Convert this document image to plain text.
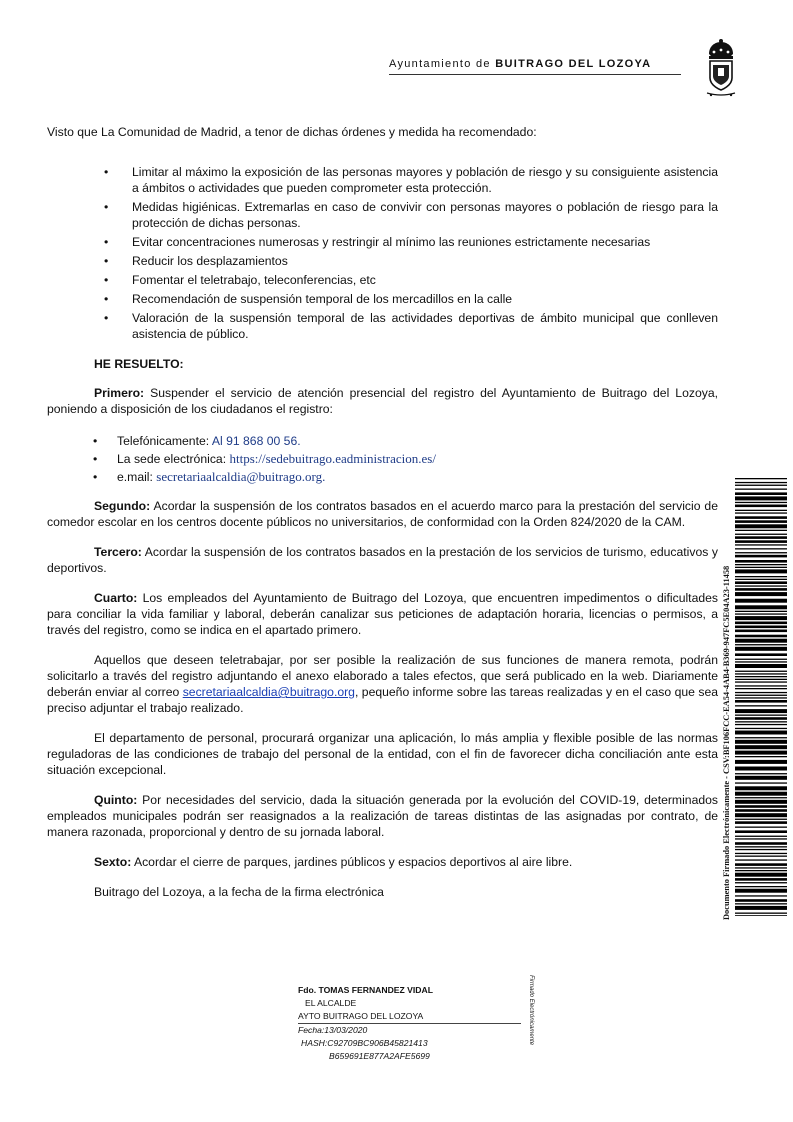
Ayuntamiento de BUITRAGO DEL LOZOYA

Visto que La Comunidad de Madrid, a tenor de dichas órdenes y medida ha recomendado:

• Limitar al máximo la exposición de las personas mayores y población de riesgo y su consiguiente asistencia a ámbitos o actividades que pueden comprometer esta protección.
• Medidas higiénicas. Extremarlas en caso de convivir con personas mayores o población de riesgo para la protección de dichas personas.
• Evitar concentraciones numerosas y restringir al mínimo las reuniones estrictamente necesarias
• Reducir los desplazamientos
• Fomentar el teletrabajo, teleconferencias, etc
• Recomendación de suspensión temporal de los mercadillos en la calle
• Valoración de la suspensión temporal de las actividades deportivas de ámbito municipal que conlleven asistencia de público.

HE RESUELTO:

Primero: Suspender el servicio de atención presencial del registro del Ayuntamiento de Buitrago del Lozoya, poniendo a disposición de los ciudadanos el registro:

• Telefónicamente: Al 91 868 00 56.
• La sede electrónica: https://sedebuitrago.eadministracion.es/
• e.mail: secretariaalcaldia@buitrago.org.

Segundo: Acordar la suspensión de los contratos basados en el acuerdo marco para la prestación del servicio de comedor escolar en los centros docente públicos no universitarios, de conformidad con la Orden 824/2020 de la CAM.

Tercero: Acordar la suspensión de los contratos basados en la prestación de los servicios de turismo, educativos y deportivos.

Cuarto: Los empleados del Ayuntamiento de Buitrago del Lozoya, que encuentren impedimentos o dificultades para conciliar la vida familiar y laboral, deberán canalizar sus peticiones de adaptación horaria, licencias o permisos, a través del registro, como se indica en el apartado primero.

Aquellos que deseen teletrabajar, por ser posible la realización de sus funciones de manera remota, podrán solicitarlo a través del registro adjuntando el anexo elaborado a tales efectos, que será publicado en la web. Diariamente deberán enviar al correo secretariaalcaldia@buitrago.org, pequeño informe sobre las tareas realizadas y en el caso que sea preciso adjuntar el trabajo realizado.

El departamento de personal, procurará organizar una aplicación, lo más amplia y flexible posible de las normas reguladoras de las condiciones de trabajo del personal de la entidad, con el fin de favorecer dicha conciliación ante esta situación excepcional.

Quinto: Por necesidades del servicio, dada la situación generada por la evolución del COVID-19, determinados empleados municipales podrán ser reasignados a la realización de tareas distintas de las asignadas por contrato, de manera razonada, proporcional y dentro de su jornada laboral.

Sexto: Acordar el cierre de parques, jardines públicos y espacios deportivos al aire libre.

Buitrago del Lozoya, a la fecha de la firma electrónica

Fdo. TOMAS FERNANDEZ VIDAL
EL ALCALDE
AYTO BUITRAGO DEL LOZOYA
Fecha:13/03/2020
HASH:C92709BC906B45821413
B659691E877A2AFE5699
Firmado Electrónicamente
Documento Firmado Electrónicamente - CSV:BF106FCC-EA54-4AB4-B369-947FC5E04A23-11458
